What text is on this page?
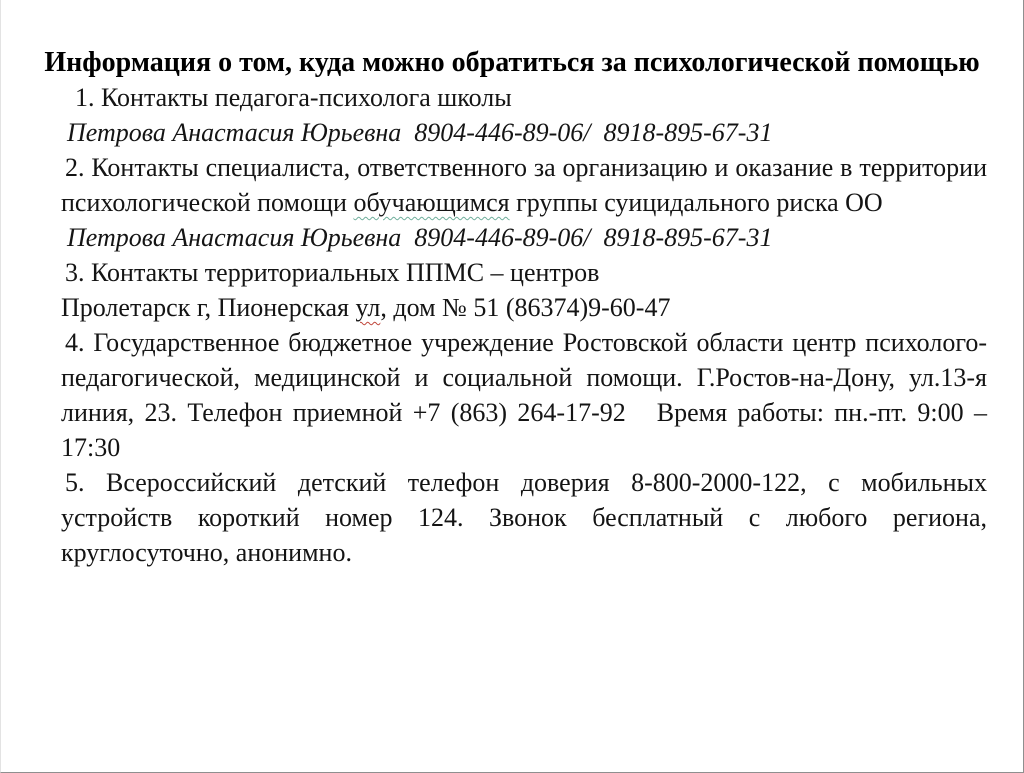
Информация о том, куда можно обратиться за психологической помощью

1. Контакты педагога-психолога школы

Петрова Анастасия Юрьевна  8904-446-89-06/  8918-895-67-31

2. Контакты специалиста, ответственного за организацию и оказание в территории психологической помощи обучающимся группы суицидального риска ОО

Петрова Анастасия Юрьевна  8904-446-89-06/  8918-895-67-31

3. Контакты территориальных ППМС – центров

Пролетарск г, Пионерская ул, дом № 51 (86374)9-60-47

4. Государственное бюджетное учреждение Ростовской области центр психолого-педагогической, медицинской и социальной помощи. Г.Ростов-на-Дону, ул.13-я линия, 23. Телефон приемной +7 (863) 264-17-92   Время работы: пн.-пт. 9:00 – 17:30

5. Всероссийский детский телефон доверия 8-800-2000-122, с мобильных устройств короткий номер 124. Звонок бесплатный с любого региона, круглосуточно, анонимно.
